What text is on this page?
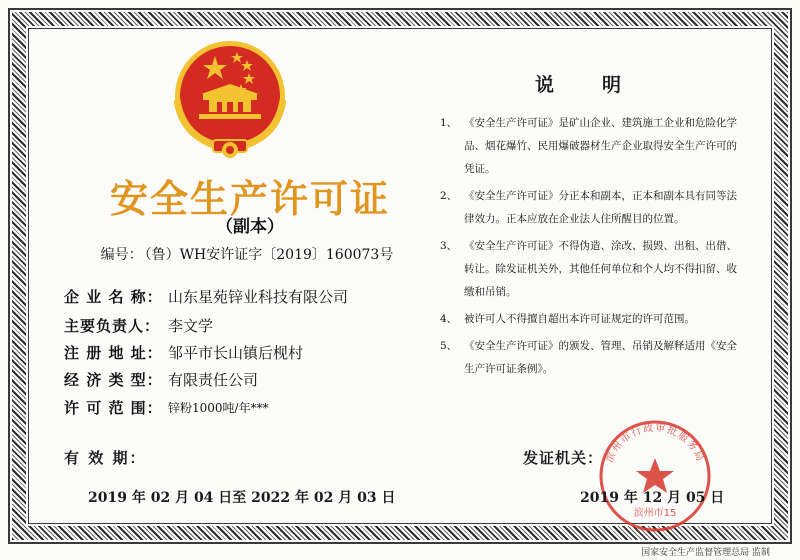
安全生产许可证
（副本）
编号： （鲁）WH安许证字〔2019〕160073号
企 业 名 称： 山东星苑锌业科技有限公司
主要负责人： 李文学
注 册 地 址： 邹平市长山镇后枧村
经 济 类 型： 有限责任公司
许 可 范 围： 锌粉1000吨/年***
有 效 期：
2019 年 02 月 04 日至 2022 年 02 月 03 日
说明
1、 《安全生产许可证》是矿山企业、建筑施工企业和危险化学品、烟花爆竹、民用爆破器材生产企业取得安全生产许可的凭证。
2、 《安全生产许可证》分正本和副本，正本和副本具有同等法律效力。正本应放在企业法人住所醒目的位置。
3、 《安全生产许可证》不得伪造、涂改、损毁、出租、出借、转让。除发证机关外，其他任何单位和个人均不得扣留、收缴和吊销。
4、 被许可人不得擅自超出本许可证规定的许可范围。
5、 《安全生产许可证》的颁发、管理、吊销及解释适用《安全生产许可证条例》。
发证机关： 滨州市行政审批服务局
滨州市15
2019 年 12 月 05 日
国家安全生产监督管理总局 监制
